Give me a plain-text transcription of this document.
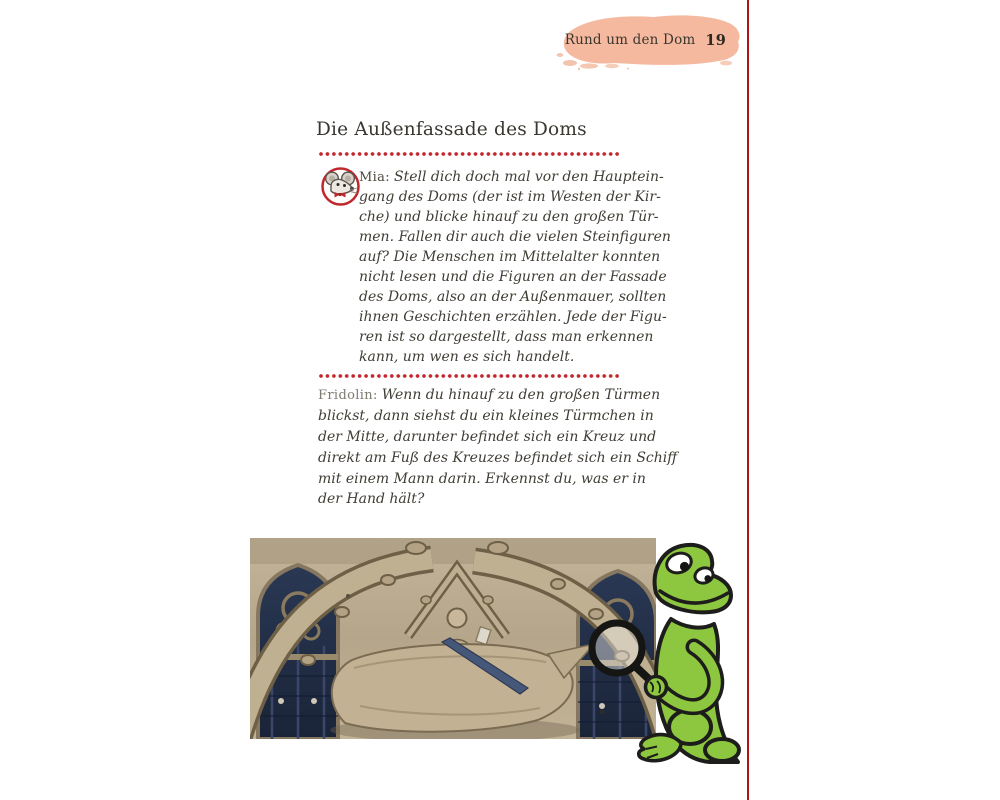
Rund um den Dom 19
Die Außenfassade des Doms
Mia: Stell dich doch mal vor den Hauptein-
gang des Doms (der ist im Westen der Kir-
che) und blicke hinauf zu den großen Tür-
men. Fallen dir auch die vielen Steinfiguren
auf? Die Menschen im Mittelalter konnten
nicht lesen und die Figuren an der Fassade
des Doms, also an der Außenmauer, sollten
ihnen Geschichten erzählen. Jede der Figu-
ren ist so dargestellt, dass man erkennen
kann, um wen es sich handelt.
Fridolin: Wenn du hinauf zu den großen Türmen
blickst, dann siehst du ein kleines Türmchen in
der Mitte, darunter befindet sich ein Kreuz und
direkt am Fuß des Kreuzes befindet sich ein Schiff
mit einem Mann darin. Erkennst du, was er in
der Hand hält?
